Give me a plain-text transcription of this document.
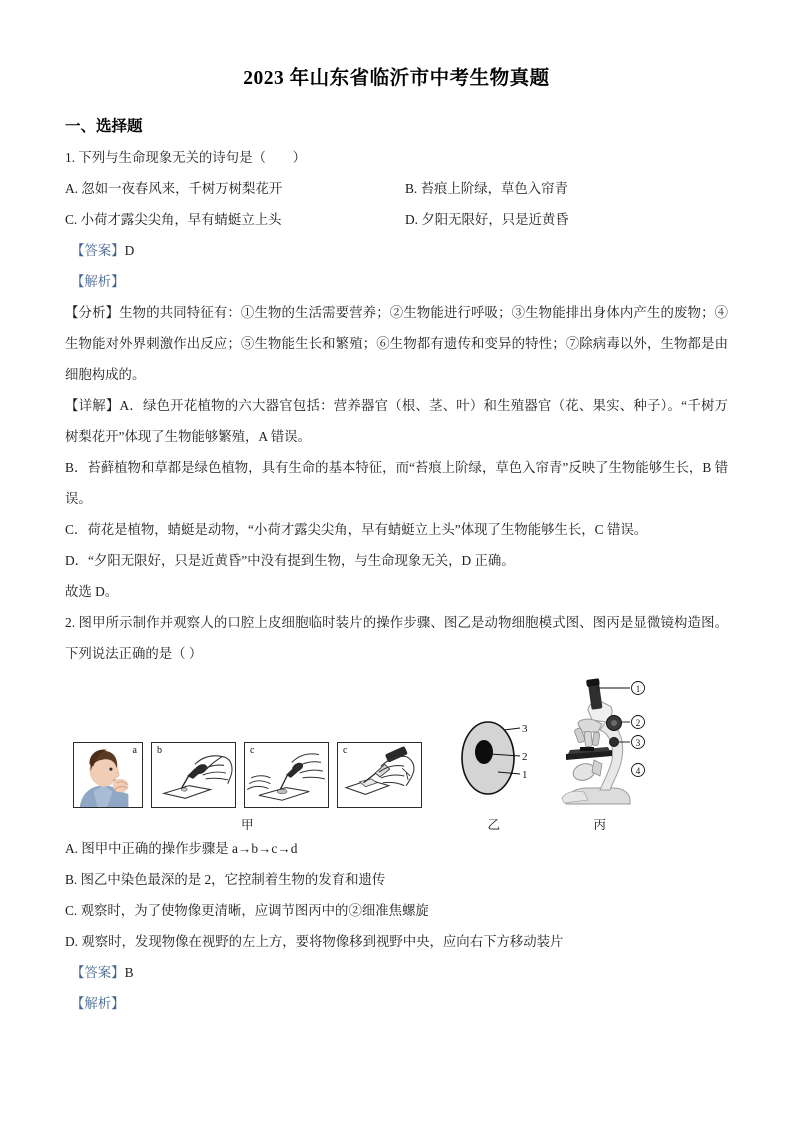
2023 年山东省临沂市中考生物真题
一、选择题
1. 下列与生命现象无关的诗句是（        ）
A. 忽如一夜春风来，千树万树梨花开	B. 苔痕上阶绿，草色入帘青
C. 小荷才露尖尖角，早有蜻蜓立上头	D. 夕阳无限好，只是近黄昏
【答案】D
【解析】
【分析】生物的共同特征有：①生物的生活需要营养；②生物能进行呼吸；③生物能排出身体内产生的废物；④生物能对外界刺激作出反应；⑤生物能生长和繁殖；⑥生物都有遗传和变异的特性；⑦除病毒以外，生物都是由细胞构成的。
【详解】A．绿色开花植物的六大器官包括：营养器官（根、茎、叶）和生殖器官（花、果实、种子）。“千树万树梨花开”体现了生物能够繁殖，A 错误。
B．苔藓植物和草都是绿色植物，具有生命的基本特征，而“苔痕上阶绿，草色入帘青”反映了生物能够生长，B 错误。
C．荷花是植物，蜻蜓是动物，“小荷才露尖尖角，早有蜻蜓立上头”体现了生物能够生长，C 错误。
D．“夕阳无限好，只是近黄昏”中没有提到生物，与生命现象无关，D 正确。
故选 D。
2. 图甲所示制作并观察人的口腔上皮细胞临时装片的操作步骤、图乙是动物细胞模式图、图丙是显微镜构造图。下列说法正确的是（ ）
a b	c	c
甲
3
2
1
乙
1
2
3
4
丙
A. 图甲中正确的操作步骤是 a→b→c→d
B. 图乙中染色最深的是 2，它控制着生物的发育和遗传
C. 观察时，为了使物像更清晰，应调节图丙中的②细准焦螺旋
D. 观察时，发现物像在视野的左上方，要将物像移到视野中央，应向右下方移动装片
【答案】B
【解析】
